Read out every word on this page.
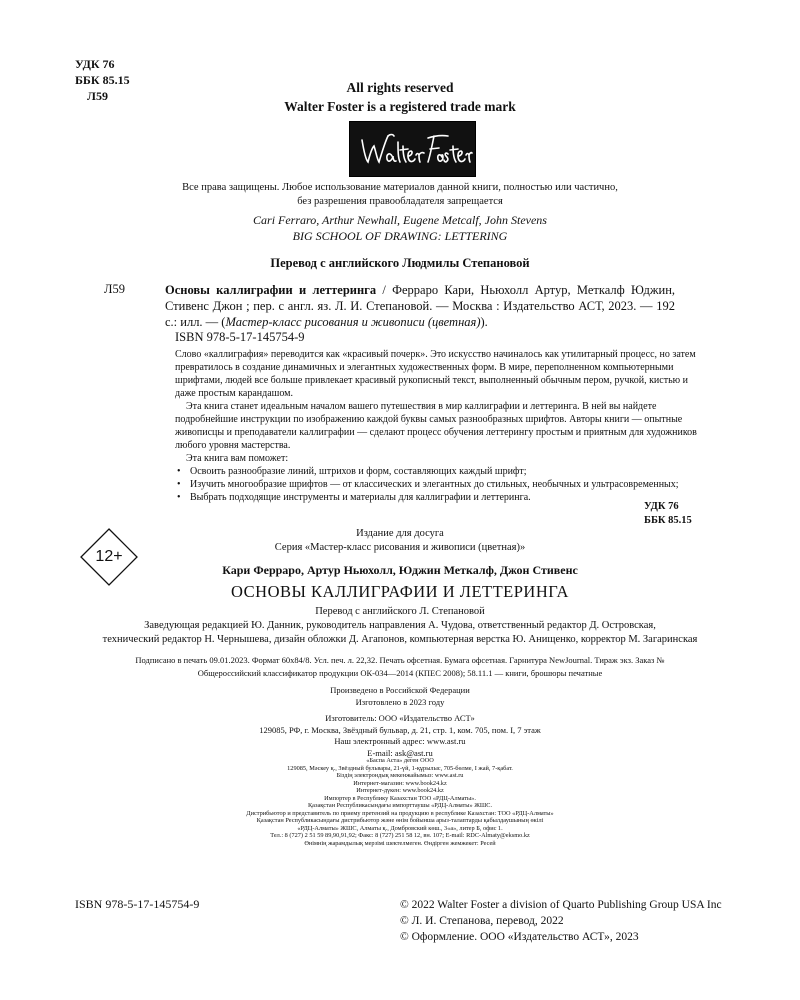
УДК 76
ББК 85.15
Л59
All rights reserved
Walter Foster is a registered trade mark
Все права защищены. Любое использование материалов данной книги, полностью или частично,
без разрешения правообладателя запрещается
Cari Ferraro, Arthur Newhall, Eugene Metcalf, John Stevens
BIG SCHOOL OF DRAWING: LETTERING
Перевод с английского Людмилы Степановой
Л59	Основы каллиграфии и леттеринга / Ферраро Кари, Ньюхолл Артур, Меткалф Юджин, Стивенс Джон ; пер. с англ. яз. Л. И. Степановой. — Москва : Издательство АСТ, 2023. — 192 с.: илл. — (Мастер-класс рисования и живописи (цветная)).
ISBN 978-5-17-145754-9

Слово «каллиграфия» переводится как «красивый почерк». Это искусство начиналось как утилитарный процесс, но затем превратилось в создание динамичных и элегантных художественных форм. В мире, переполненном компьютерными шрифтами, людей все больше привлекает красивый рукописный текст, выполненный обычным пером, ручкой, кистью и даже простым карандашом.

Эта книга станет идеальным началом вашего путешествия в мир каллиграфии и леттеринга. В ней вы найдете подробнейшие инструкции по изображению каждой буквы самых разнообразных шрифтов. Авторы книги — опытные живописцы и преподаватели каллиграфии — сделают процесс обучения леттерингу простым и приятным для художников любого уровня мастерства.

Эта книга вам поможет:

• Освоить разнообразие линий, штрихов и форм, составляющих каждый шрифт;
• Изучить многообразие шрифтов — от классических и элегантных до стильных, необычных и ультрасовременных;
• Выбрать подходящие инструменты и материалы для каллиграфии и леттеринга.
УДК 76
ББК 85.15
12+
Издание для досуга
Серия «Мастер-класс рисования и живописи (цветная)»
Кари Ферраро, Артур Ньюхолл, Юджин Меткалф, Джон Стивенс
ОСНОВЫ КАЛЛИГРАФИИ И ЛЕТТЕРИНГА
Перевод с английского Л. Степановой
Заведующая редакцией Ю. Данник, руководитель направления А. Чудова, ответственный редактор Д. Островская,
технический редактор Н. Чернышева, дизайн обложки Д. Агапонов, компьютерная верстка Ю. Анищенко, корректор М. Загаринская
Подписано в печать 09.01.2023. Формат 60х84/8. Усл. печ. л. 22,32. Печать офсетная. Бумага офсетная. Гарнитура NewJournal. Тираж экз. Заказ №
Общероссийский классификатор продукции ОК-034—2014 (КПЕС 2008); 58.11.1 — книги, брошюры печатные
Произведено в Российской Федерации
Изготовлено в 2023 году
Изготовитель: ООО «Издательство АСТ»
129085, РФ, г. Москва, Звёздный бульвар, д. 21, стр. 1, ком. 705, пом. I, 7 этаж
Наш электронный адрес: www.ast.ru
E-mail: ask@ast.ru
«Баспа Аста» деген ООО
129085, Мәскеу қ., Звёздный бульвары, 21-үй, 1-құрылыс, 705-бөлме, I жай, 7-қабат.
Біздің электрондық мекенжайымыз: www.ast.ru
Интернет-магазин: www.book24.kz
Интернет-дүкен: www.book24.kz
Импортер в Республику Казахстан ТОО «РДЦ-Алматы».
Қазақстан Республикасындағы импорттаушы «РДЦ-Алматы» ЖШС.
Дистрибьютор и представитель по приему претензий на продукцию в республике Казахстан: ТОО «РДЦ-Алматы»
Қазақстан Республикасындағы дистрибьютор және өнім бойынша арыз-талаптарды қабылдаушының өкілі
«РДЦ-Алматы» ЖШС, Алматы қ., Домбровский көш., 3«а», литер Б, офис 1.
Тел.: 8 (727) 2 51 59 89,90,91,92; Факс: 8 (727) 251 58 12, вн. 107; E-mail: RDC-Almaty@eksmo.kz
Өнімнің жарамдылық мерзімі шектелмеген. Өндірген жемжекет: Ресей
ISBN 978-5-17-145754-9	© 2022 Walter Foster a division of Quarto Publishing Group USA Inc
© Л. И. Степанова, перевод, 2022
© Оформление. ООО «Издательство АСТ», 2023
